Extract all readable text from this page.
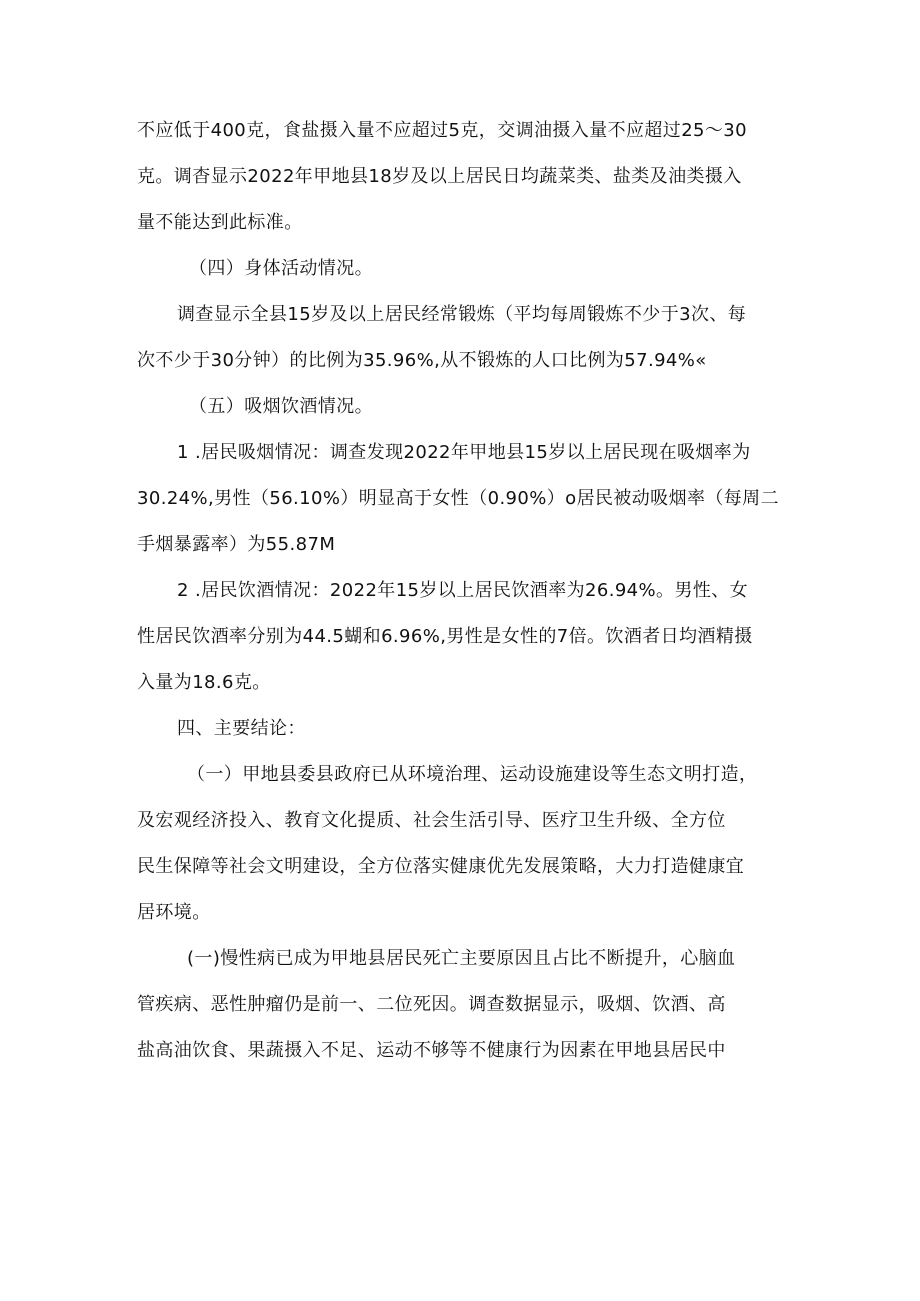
不应低于400克，食盐摄入量不应超过5克，交调油摄入量不应超过25～30
克。调杳显示2022年甲地县18岁及以上居民日均蔬菜类、盐类及油类摄入
量不能达到此标准。

（四）身体活动情况。

调查显示全县15岁及以上居民经常锻炼（平均每周锻炼不少于3次、每
次不少于30分钟）的比例为35.96%,从不锻炼的人口比例为57.94%«

（五）吸烟饮酒情况。

1 .居民吸烟情况：调查发现2022年甲地县15岁以上居民现在吸烟率为
30.24%,男性（56.10%）明显高于女性（0.90%）o居民被动吸烟率（每周二
手烟暴露率）为55.87M

2 .居民饮酒情况：2022年15岁以上居民饮酒率为26.94%。男性、女
性居民饮酒率分别为44.5蝴和6.96%,男性是女性的7倍。饮酒者日均酒精摄
入量为18.6克。

四、主要结论：

（一）甲地县委县政府已从环境治理、运动设施建设等生态文明打造，
及宏观经济投入、教育文化提质、社会生活引导、医疗卫生升级、全方位
民生保障等社会文明建设，全方位落实健康优先发展策略，大力打造健康宜
居环境。

(一)慢性病已成为甲地县居民死亡主要原因且占比不断提升，心脑血
管疾病、恶性肿瘤仍是前一、二位死因。调查数据显示，吸烟、饮酒、高
盐高油饮食、果蔬摄入不足、运动不够等不健康行为因素在甲地县居民中
